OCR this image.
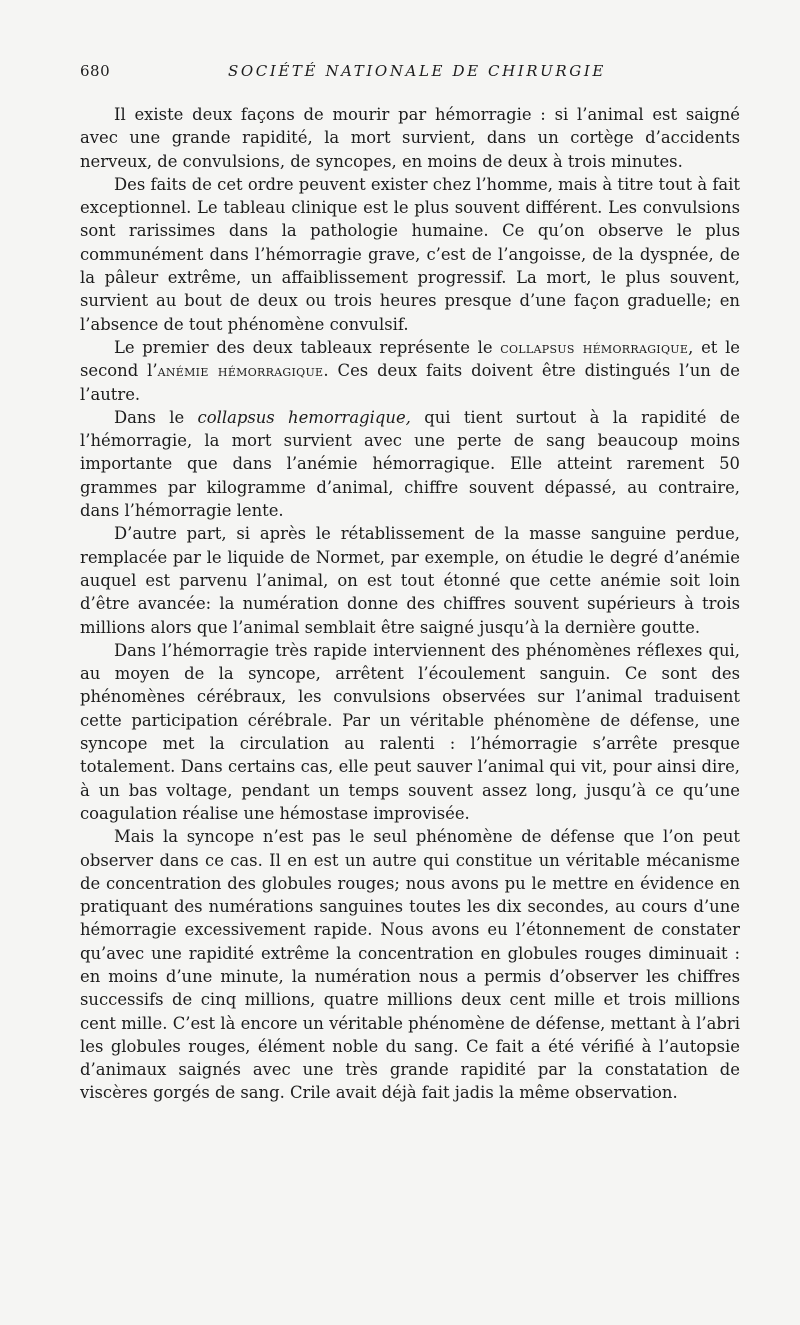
680	SOCIÉTÉ NATIONALE DE CHIRURGIE

Il existe deux façons de mourir par hémorragie : si l’animal est saigné avec une grande rapidité, la mort survient, dans un cortège d’accidents nerveux, de convulsions, de syncopes, en moins de deux à trois minutes.

Des faits de cet ordre peuvent exister chez l’homme, mais à titre tout à fait exceptionnel. Le tableau clinique est le plus souvent différent. Les convulsions sont rarissimes dans la pathologie humaine. Ce qu’on observe le plus communément dans l’hémorragie grave, c’est de l’angoisse, de la dyspnée, de la pâleur extrême, un affaiblissement progressif. La mort, le plus souvent, survient au bout de deux ou trois heures presque d’une façon graduelle; en l’absence de tout phénomène convulsif.

Le premier des deux tableaux représente le collapsus hémorragique, et le second l’anémie hémorragique. Ces deux faits doivent être distingués l’un de l’autre.

Dans le collapsus hemorragique, qui tient surtout à la rapidité de l’hémorragie, la mort survient avec une perte de sang beaucoup moins importante que dans l’anémie hémorragique. Elle atteint rarement 50 grammes par kilogramme d’animal, chiffre souvent dépassé, au contraire, dans l’hémorragie lente.

D’autre part, si après le rétablissement de la masse sanguine perdue, remplacée par le liquide de Normet, par exemple, on étudie le degré d’anémie auquel est parvenu l’animal, on est tout étonné que cette anémie soit loin d’être avancée: la numération donne des chiffres souvent supérieurs à trois millions alors que l’animal semblait être saigné jusqu’à la dernière goutte.

Dans l’hémorragie très rapide interviennent des phénomènes réflexes qui, au moyen de la syncope, arrêtent l’écoulement sanguin. Ce sont des phénomènes cérébraux, les convulsions observées sur l’animal traduisent cette participation cérébrale. Par un véritable phénomène de défense, une syncope met la circulation au ralenti : l’hémorragie s’arrête presque totalement. Dans certains cas, elle peut sauver l’animal qui vit, pour ainsi dire, à un bas voltage, pendant un temps souvent assez long, jusqu’à ce qu’une coagulation réalise une hémostase improvisée.

Mais la syncope n’est pas le seul phénomène de défense que l’on peut observer dans ce cas. Il en est un autre qui constitue un véritable mécanisme de concentration des globules rouges; nous avons pu le mettre en évidence en pratiquant des numérations sanguines toutes les dix secondes, au cours d’une hémorragie excessivement rapide. Nous avons eu l’étonnement de constater qu’avec une rapidité extrême la concentration en globules rouges diminuait : en moins d’une minute, la numération nous a permis d’observer les chiffres successifs de cinq millions, quatre millions deux cent mille et trois millions cent mille. C’est là encore un véritable phénomène de défense, mettant à l’abri les globules rouges, élément noble du sang. Ce fait a été vérifié à l’autopsie d’animaux saignés avec une très grande rapidité par la constatation de viscères gorgés de sang. Crile avait déjà fait jadis la même observation.
